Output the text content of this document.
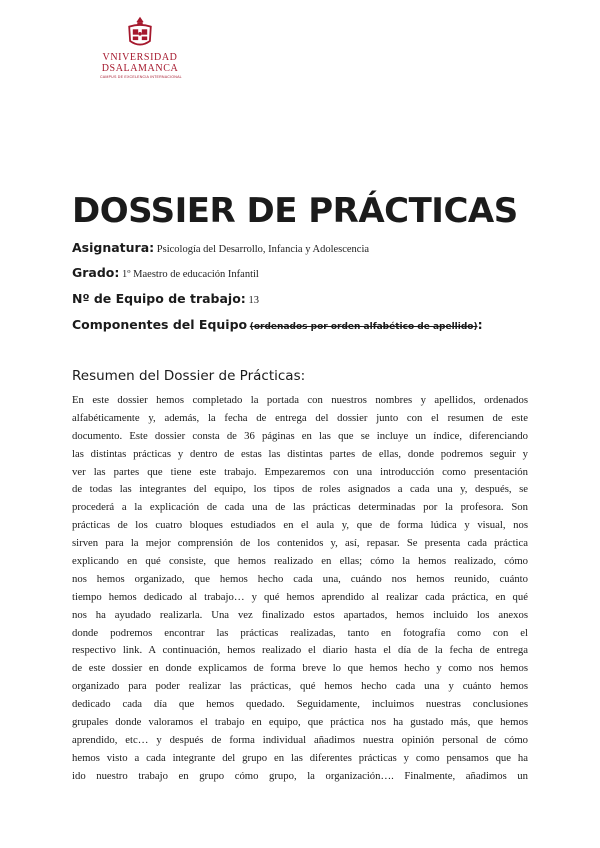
VNIVERSIDAD
DSALAMANCA
CAMPUS DE EXCELENCIA INTERNACIONAL
DOSSIER DE PRÁCTICAS
Asignatura: Psicología del Desarrollo, Infancia y Adolescencia
Grado: 1º Maestro de educación Infantil
Nº de Equipo de trabajo: 13
Componentes del Equipo (ordenados por orden alfabético de apellido):
Resumen del Dossier de Prácticas:
En este dossier hemos completado la portada con nuestros nombres y apellidos, ordenados
alfabéticamente y, además, la fecha de entrega del dossier junto con el resumen de este
documento. Este dossier consta de 36 páginas en las que se incluye un índice, diferenciando
las distintas prácticas y dentro de estas las distintas partes de ellas, donde podremos seguir y
ver las partes que tiene este trabajo. Empezaremos con una introducción como presentación
de todas las integrantes del equipo, los tipos de roles asignados a cada una y, después, se
procederá a la explicación de cada una de las prácticas determinadas por la profesora. Son
prácticas de los cuatro bloques estudiados en el aula y, que de forma lúdica y visual, nos
sirven para la mejor comprensión de los contenidos y, así, repasar. Se presenta cada práctica
explicando en qué consiste, que hemos realizado en ellas; cómo la hemos realizado, cómo
nos hemos organizado, que hemos hecho cada una, cuándo nos hemos reunido, cuánto
tiempo hemos dedicado al trabajo… y qué hemos aprendido al realizar cada práctica, en qué
nos ha ayudado realizarla. Una vez finalizado estos apartados, hemos incluido los anexos
donde podremos encontrar las prácticas realizadas, tanto en fotografía como con el
respectivo link. A continuación, hemos realizado el diario hasta el día de la fecha de entrega
de este dossier en donde explicamos de forma breve lo que hemos hecho y como nos hemos
organizado para poder realizar las prácticas, qué hemos hecho cada una y cuánto hemos
dedicado cada día que hemos quedado. Seguidamente, incluimos nuestras conclusiones
grupales donde valoramos el trabajo en equipo, que práctica nos ha gustado más, que hemos
aprendido, etc… y después de forma individual añadimos nuestra opinión personal de cómo
hemos visto a cada integrante del grupo en las diferentes prácticas y como pensamos que ha
ido nuestro trabajo en grupo cómo grupo, la organización…. Finalmente, añadimos un
